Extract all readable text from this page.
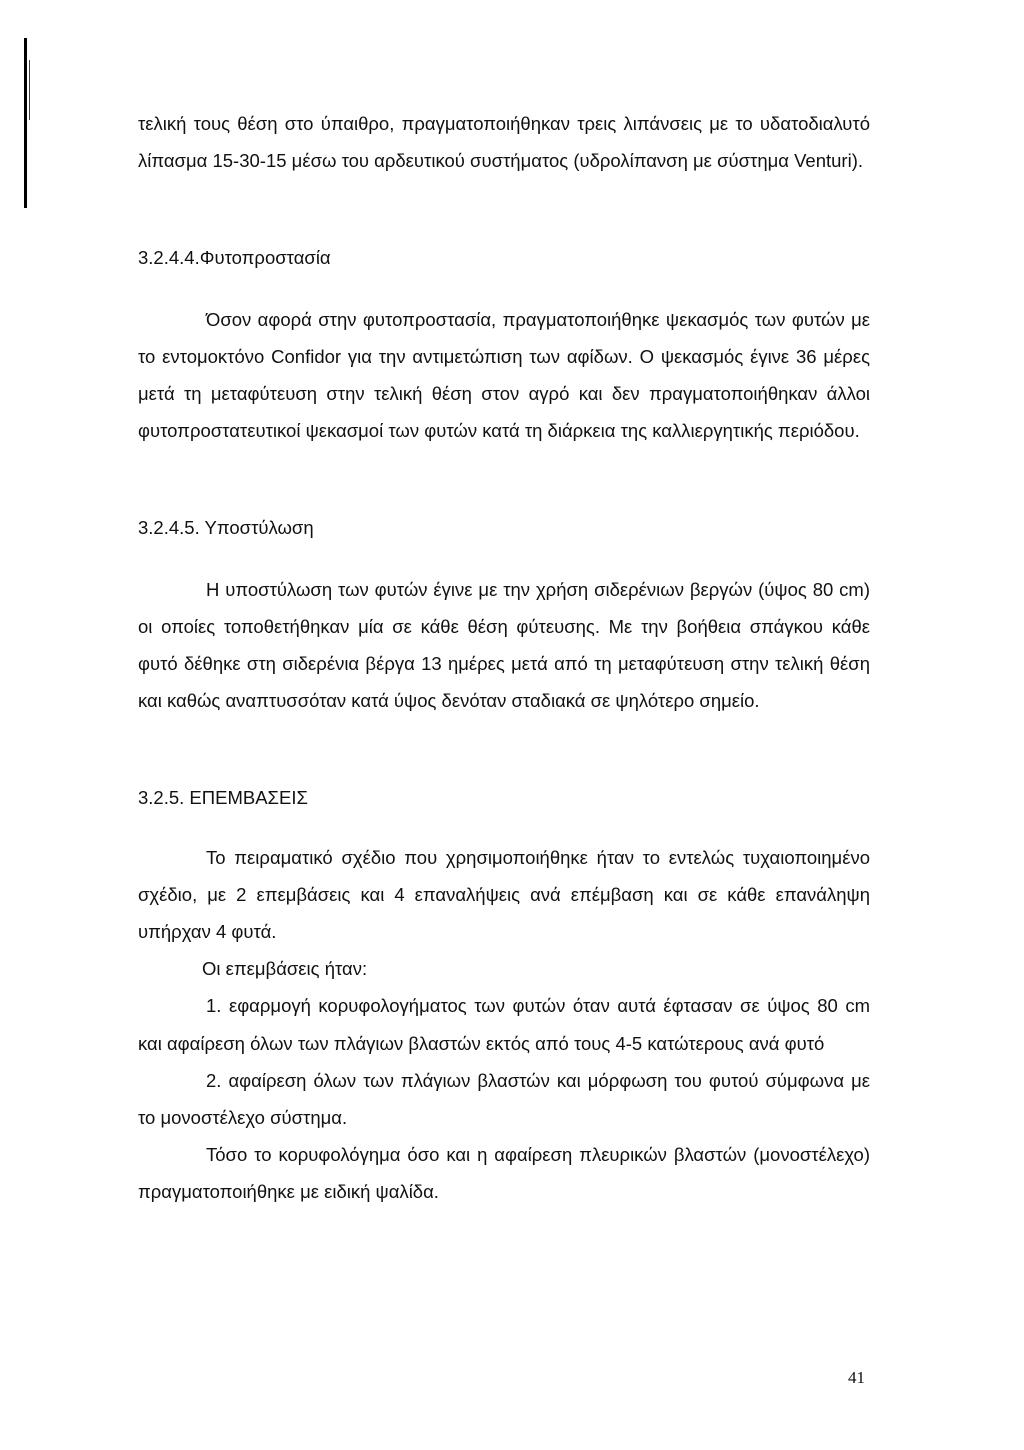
τελική τους θέση στο ύπαιθρο, πραγματοποιήθηκαν τρεις λιπάνσεις με το υδατοδιαλυτό λίπασμα 15-30-15 μέσω του αρδευτικού συστήματος (υδρολίπανση με σύστημα Venturi).

3.2.4.4.Φυτοπροστασία

Όσον αφορά στην φυτοπροστασία, πραγματοποιήθηκε ψεκασμός των φυτών με το εντομοκτόνο Confidor για την αντιμετώπιση των αφίδων. Ο ψεκασμός έγινε 36 μέρες μετά τη μεταφύτευση στην τελική θέση στον αγρό και δεν πραγματοποιήθηκαν άλλοι φυτοπροστατευτικοί ψεκασμοί των φυτών κατά τη διάρκεια της καλλιεργητικής περιόδου.

3.2.4.5. Υποστύλωση

Η υποστύλωση των φυτών έγινε με την χρήση σιδερένιων βεργών (ύψος 80 cm) οι οποίες τοποθετήθηκαν μία σε κάθε θέση φύτευσης. Με την βοήθεια σπάγκου κάθε φυτό δέθηκε στη σιδερένια βέργα 13 ημέρες μετά από τη μεταφύτευση στην τελική θέση και καθώς αναπτυσσόταν κατά ύψος δενόταν σταδιακά σε ψηλότερο σημείο.

3.2.5. ΕΠΕΜΒΑΣΕΙΣ

Το πειραματικό σχέδιο που χρησιμοποιήθηκε ήταν το εντελώς τυχαιοποιημένο σχέδιο, με 2 επεμβάσεις και 4 επαναλήψεις ανά επέμβαση και σε κάθε επανάληψη υπήρχαν 4 φυτά.

Οι επεμβάσεις ήταν:

1. εφαρμογή κορυφολογήματος των φυτών όταν αυτά έφτασαν σε ύψος 80 cm και αφαίρεση όλων των πλάγιων βλαστών εκτός από τους 4-5 κατώτερους ανά φυτό

2. αφαίρεση όλων των πλάγιων βλαστών και μόρφωση του φυτού σύμφωνα με το μονοστέλεχο σύστημα.

Τόσο το κορυφολόγημα όσο και η αφαίρεση πλευρικών βλαστών (μονοστέλεχο) πραγματοποιήθηκε με ειδική ψαλίδα.

41
